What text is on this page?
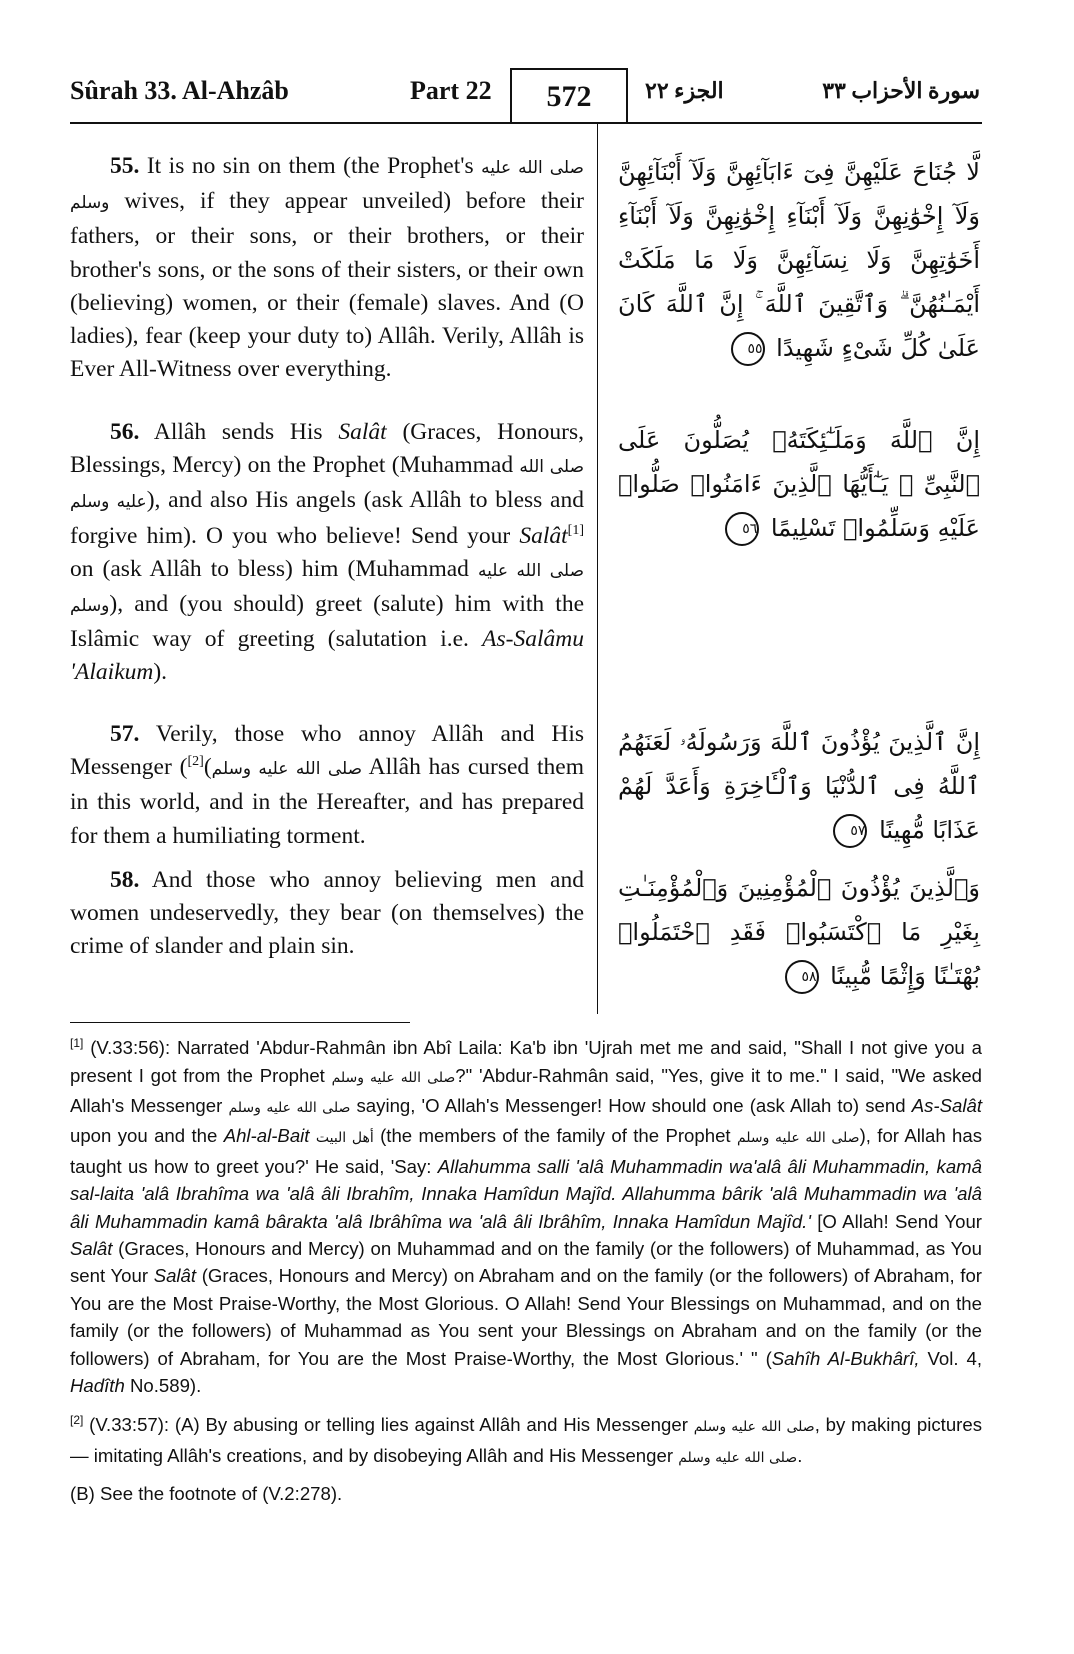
Sûrah 33. Al-Ahzâb	Part 22	572	الجزء ٢٢	سورة الأحزاب ٣٣
55. It is no sin on them (the Prophet's صلى الله عليه وسلم wives, if they appear unveiled) before their fathers, or their sons, or their brothers, or their brother's sons, or the sons of their sisters, or their own (believing) women, or their (female) slaves. And (O ladies), fear (keep your duty to) Allâh. Verily, Allâh is Ever All-Witness over everything.
56. Allâh sends His Salât (Graces, Honours, Blessings, Mercy) on the Prophet (Muhammad صلى الله عليه وسلم), and also His angels (ask Allâh to bless and forgive him). O you who believe! Send your Salât[1] on (ask Allâh to bless) him (Muhammad صلى الله عليه وسلم), and (you should) greet (salute) him with the Islâmic way of greeting (salutation i.e. As-Salâmu 'Alaikum).
57. Verily, those who annoy Allâh and His Messenger ( صلى الله عليه وسلم)[2]	Allâh has cursed them in this world, and in the Hereafter, and has prepared for them a humiliating torment.
58. And those who annoy believing men and women undeservedly, they bear (on themselves) the crime of slander and plain sin.
لَّا جُنَاحَ عَلَيْهِنَّ فِىٓ ءَابَآئِهِنَّ وَلَآ أَبْنَآئِهِنَّ وَلَآ إِخْوَٰنِهِنَّ وَلَآ أَبْنَآءِ إِخْوَٰنِهِنَّ وَلَآ أَبْنَآءِ أَخَوَٰتِهِنَّ وَلَا نِسَآئِهِنَّ وَلَا مَا مَلَكَتْ أَيْمَـٰنُهُنَّ ۗ وَٱتَّقِينَ ٱللَّهَ ۚ إِنَّ ٱللَّهَ كَانَ عَلَىٰ كُلِّ شَىْءٍ شَهِيدًا ٥٥
إِنَّ ٱللَّهَ وَمَلَـٰٓئِكَتَهُۥ يُصَلُّونَ عَلَى ٱلنَّبِىِّ ۚ يَـٰٓأَيُّهَا ٱلَّذِينَ ءَامَنُوا۟ صَلُّوا۟ عَلَيْهِ وَسَلِّمُوا۟ تَسْلِيمًا ٥٦
إِنَّ ٱلَّذِينَ يُؤْذُونَ ٱللَّهَ وَرَسُولَهُۥ لَعَنَهُمُ ٱللَّهُ فِى ٱلدُّنْيَا وَٱلْـَٔاخِرَةِ وَأَعَدَّ لَهُمْ عَذَابًا مُّهِينًا ٥٧
وَٱلَّذِينَ يُؤْذُونَ ٱلْمُؤْمِنِينَ وَٱلْمُؤْمِنَـٰتِ بِغَيْرِ مَا ٱكْتَسَبُوا۟ فَقَدِ ٱحْتَمَلُوا۟ بُهْتَـٰنًا وَإِثْمًا مُّبِينًا ٥٨

[1] (V.33:56): Narrated 'Abdur-Rahmân ibn Abî Laila: Ka'b ibn 'Ujrah met me and said, "Shall I not give you a present I got from the Prophet صلى الله عليه وسلم?" 'Abdur-Rahmân said, "Yes, give it to me." I said, "We asked Allah's Messenger صلى الله عليه وسلم saying, 'O Allah's Messenger! How should one (ask Allah to) send As-Salât upon you and the Ahl-al-Bait أهل البيت (the members of the family of the Prophet صلى الله عليه وسلم), for Allah has taught us how to greet you?' He said, 'Say: Allahumma salli 'alâ Muhammadin wa'alâ âli Muhammadin, kamâ sal-laita 'alâ Ibrahîma wa 'alâ âli Ibrahîm, Innaka Hamîdun Majîd. Allahumma bârik 'alâ Muhammadin wa 'alâ âli Muhammadin kamâ bârakta 'alâ Ibrâhîma wa 'alâ âli Ibrâhîm, Innaka Hamîdun Majîd.' [O Allah! Send Your Salât (Graces, Honours and Mercy) on Muhammad and on the family (or the followers) of Muhammad, as You sent Your Salât (Graces, Honours and Mercy) on Abraham and on the family (or the followers) of Abraham, for You are the Most Praise-Worthy, the Most Glorious. O Allah! Send Your Blessings on Muhammad, and on the family (or the followers) of Muhammad as You sent your Blessings on Abraham and on the family (or the followers) of Abraham, for You are the Most Praise-Worthy, the Most Glorious.' " (Sahîh Al-Bukhârî, Vol. 4, Hadîth No.589).

[2] (V.33:57): (A) By abusing or telling lies against Allâh and His Messenger صلى الله عليه وسلم, by making pictures — imitating Allâh's creations, and by disobeying Allâh and His Messenger صلى الله عليه وسلم.

(B) See the footnote of (V.2:278).
